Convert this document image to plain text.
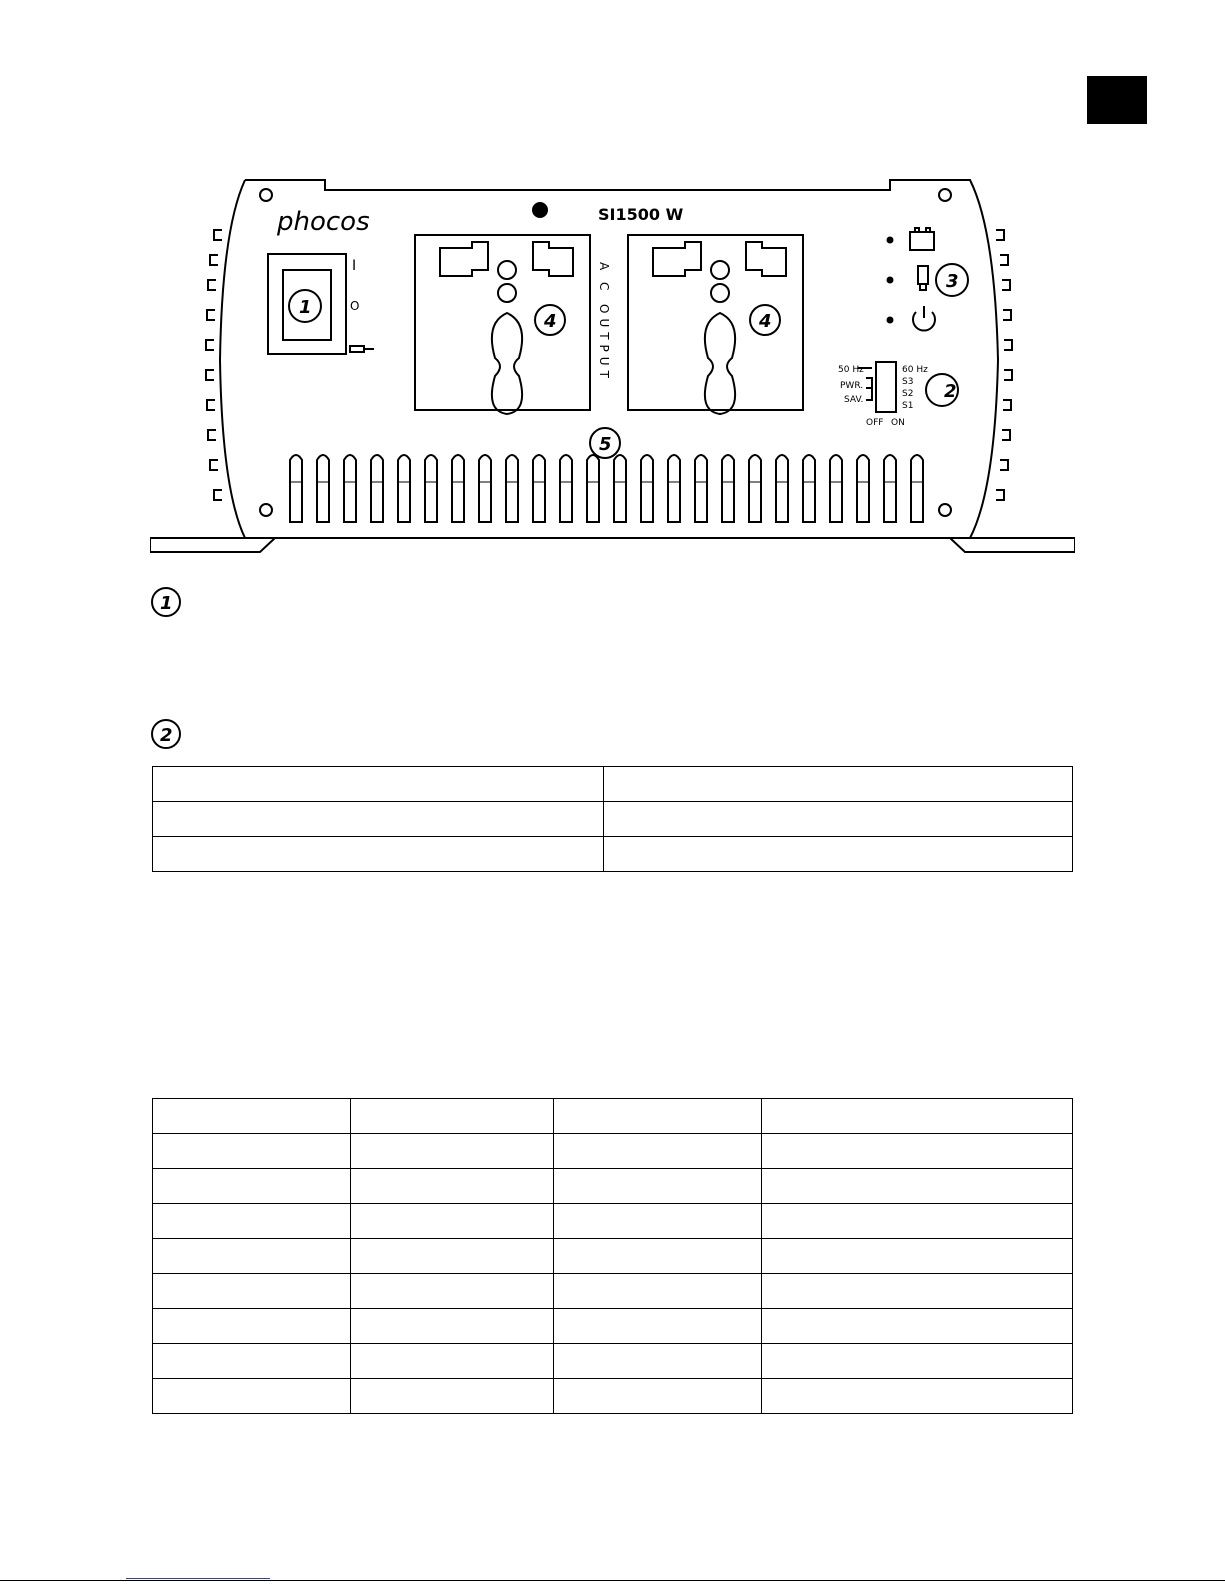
phocos	SI1500 W
I
O
A C
OUTPUT	50 Hz	60 Hz
PWR.
SAV.
S3
S2
S1
OFF ON
1
2
3
4	4
5
1
2
